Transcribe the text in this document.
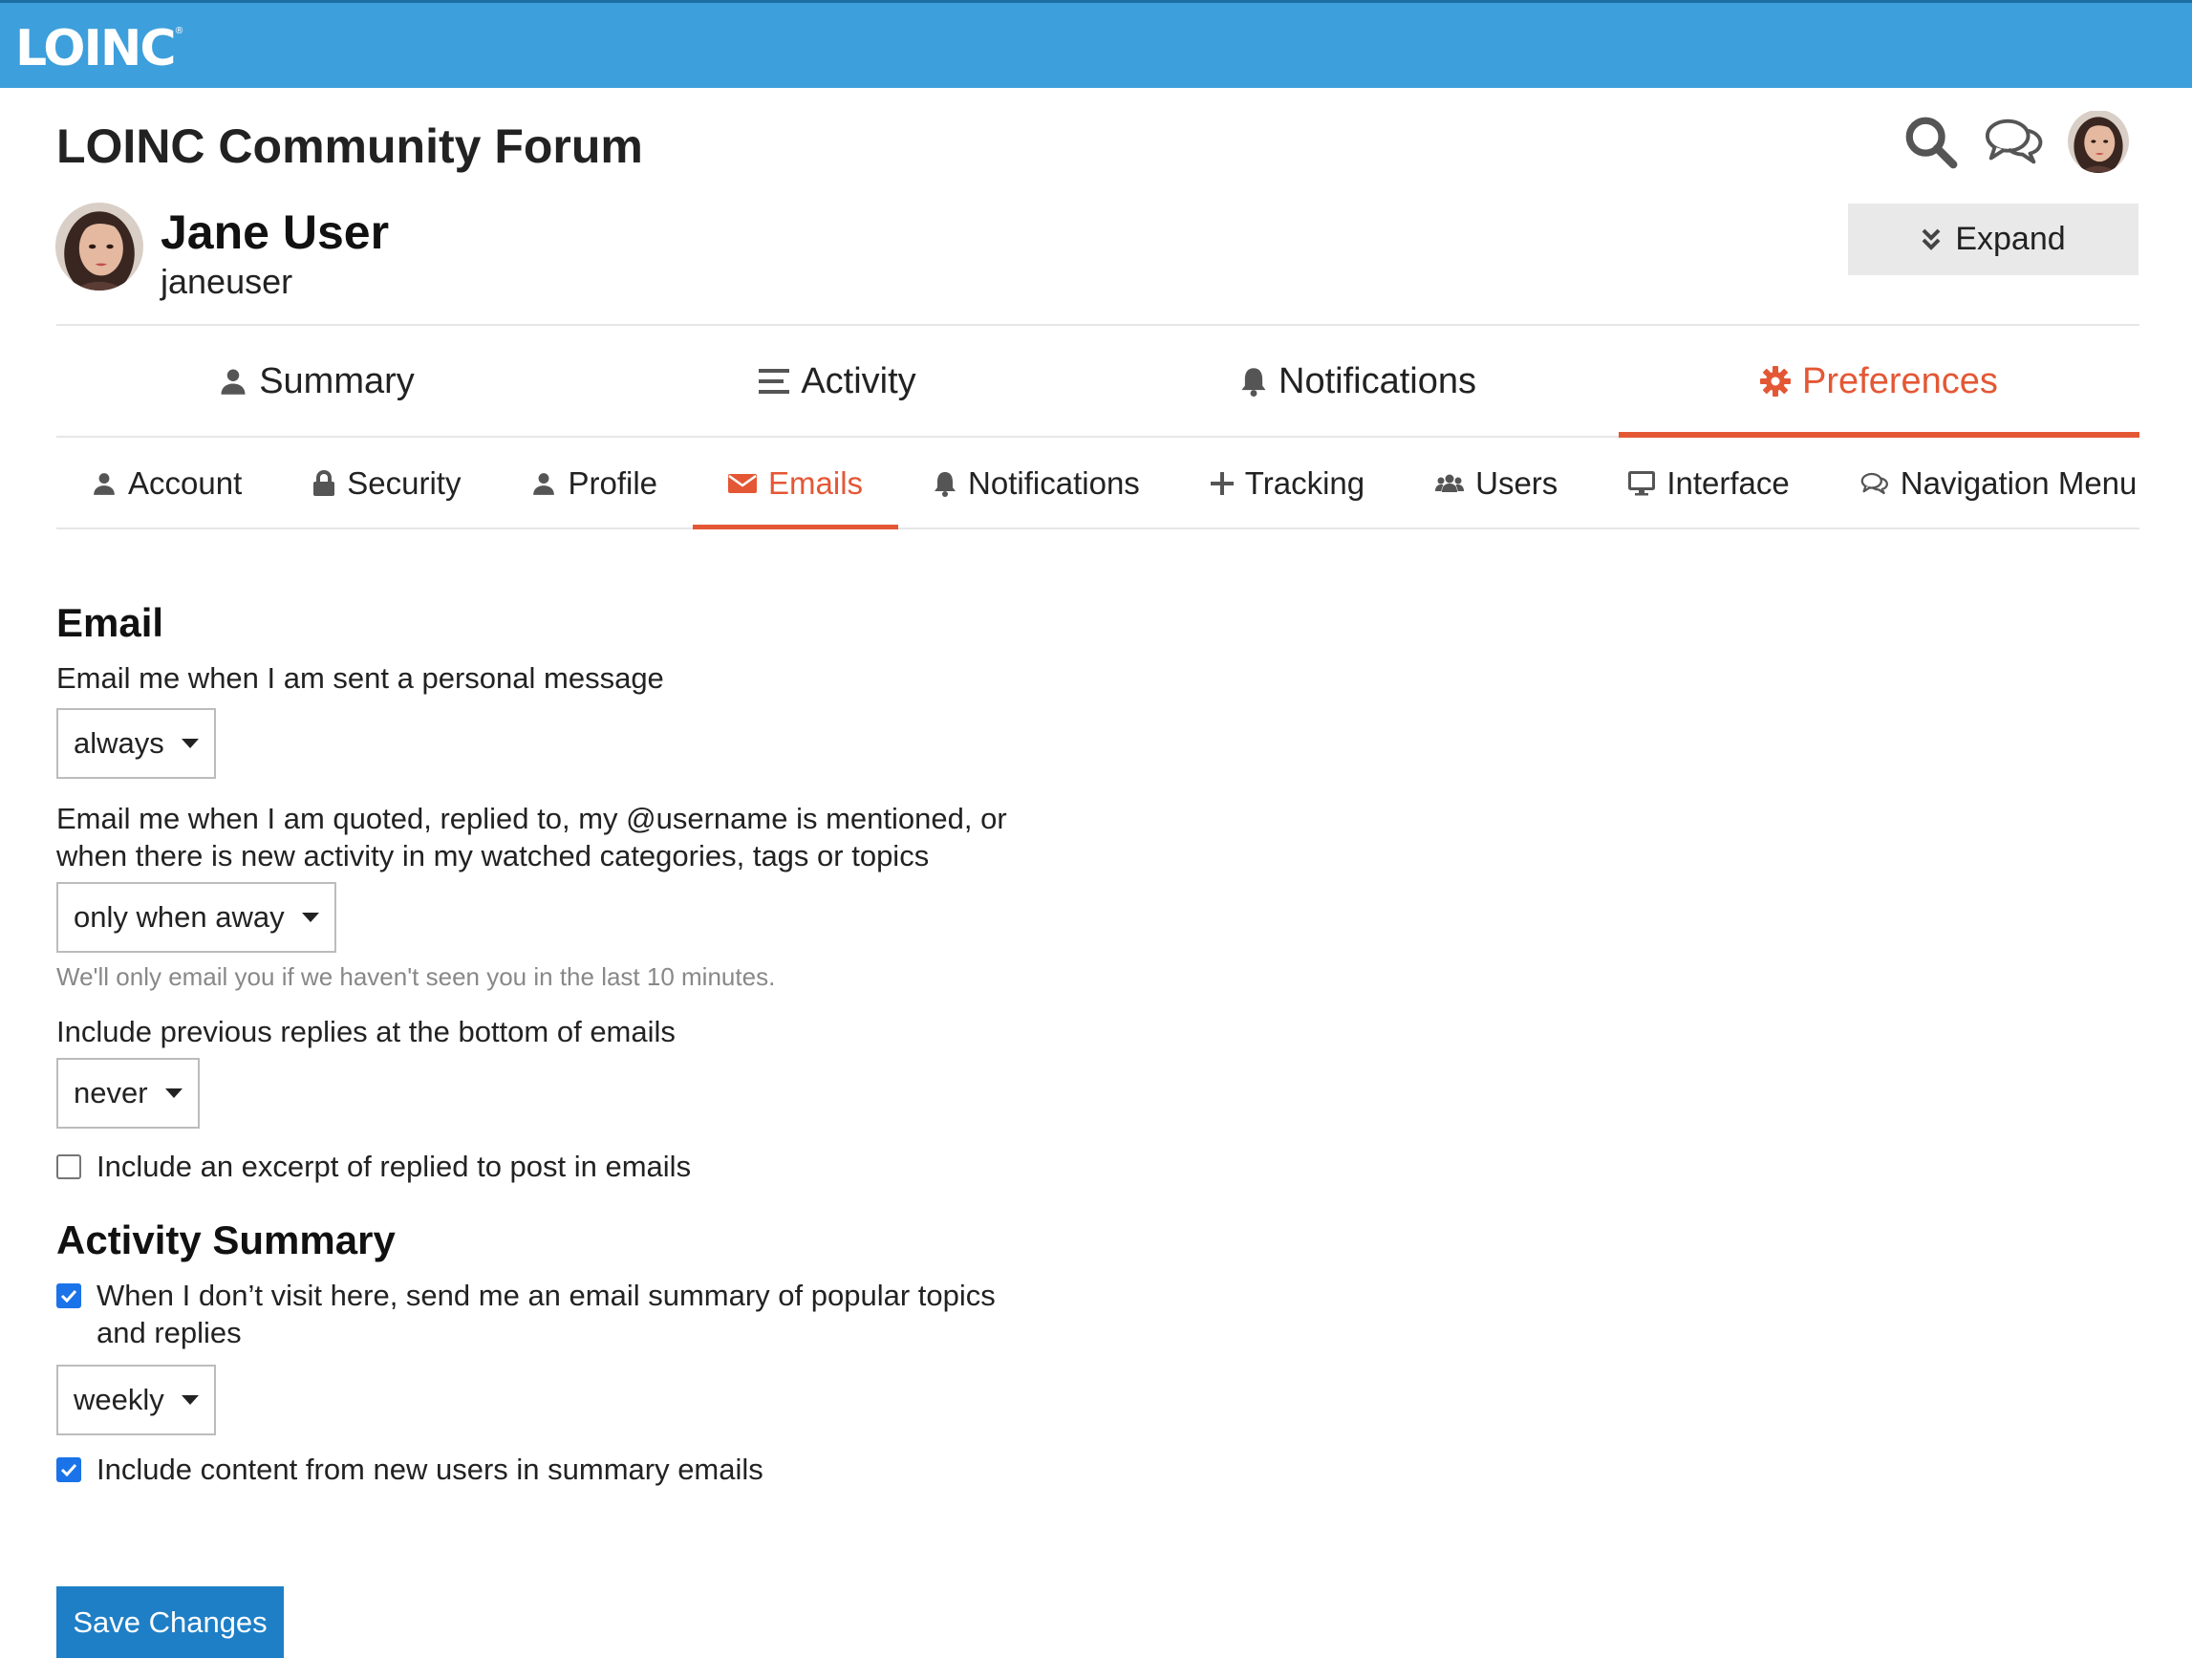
LOINC®
LOINC Community Forum
Jane User
janeuser
Expand
Summary	Activity	Notifications	Preferences
Account	Security	Profile	Emails	Notifications	Tracking	Users	Interface	Navigation Menu
Email
Email me when I am sent a personal message
always
Email me when I am quoted, replied to, my @username is mentioned, or
when there is new activity in my watched categories, tags or topics
only when away
We'll only email you if we haven't seen you in the last 10 minutes.
Include previous replies at the bottom of emails
never
Include an excerpt of replied to post in emails
Activity Summary
When I don’t visit here, send me an email summary of popular topics
and replies
weekly
Include content from new users in summary emails
Save Changes
